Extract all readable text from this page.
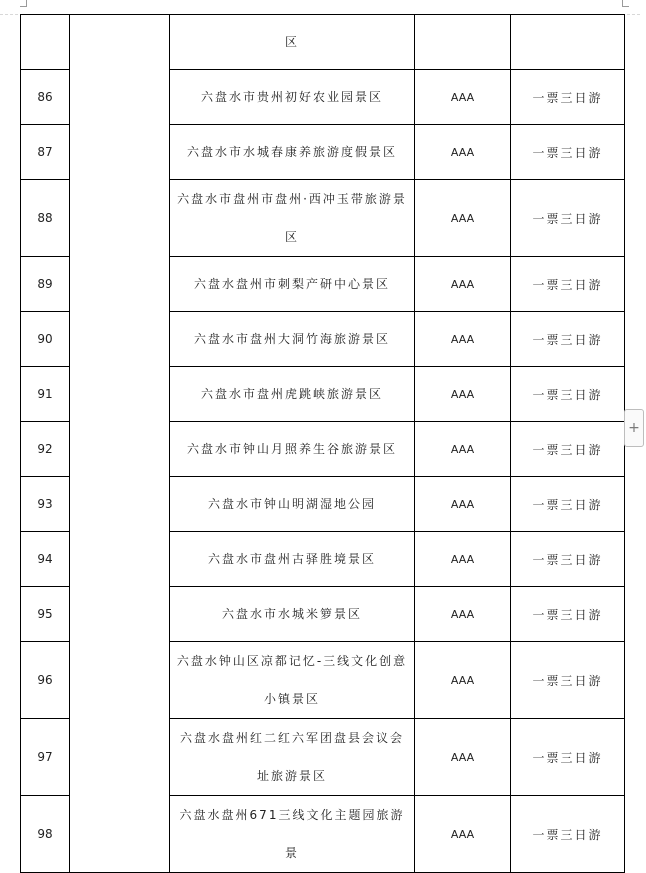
		区		
86		六盘水市贵州初好农业园景区	AAA	一票三日游
87		六盘水市水城春康养旅游度假景区	AAA	一票三日游
88		六盘水市盘州市盘州·西冲玉带旅游景区	AAA	一票三日游
89		六盘水盘州市刺梨产研中心景区	AAA	一票三日游
90		六盘水市盘州大洞竹海旅游景区	AAA	一票三日游
91		六盘水市盘州虎跳峡旅游景区	AAA	一票三日游
92		六盘水市钟山月照养生谷旅游景区	AAA	一票三日游
93		六盘水市钟山明湖湿地公园	AAA	一票三日游
94		六盘水市盘州古驿胜境景区	AAA	一票三日游
95		六盘水市水城米箩景区	AAA	一票三日游
96		六盘水钟山区凉都记忆-三线文化创意小镇景区	AAA	一票三日游
97		六盘水盘州红二红六军团盘县会议会址旅游景区	AAA	一票三日游
98		六盘水盘州671三线文化主题园旅游景	AAA	一票三日游
+
